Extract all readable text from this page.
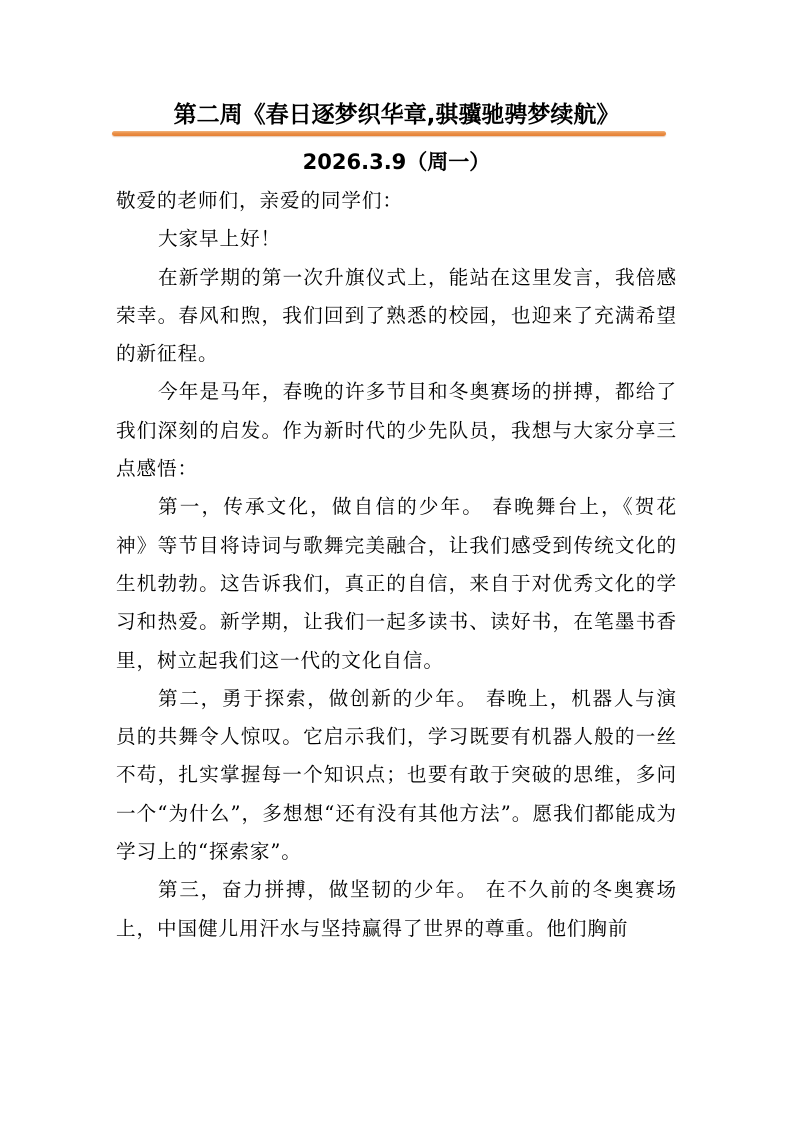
第二周《春日逐梦织华章,骐骥驰骋梦续航》
2026.3.9（周一）

敬爱的老师们，亲爱的同学们：

大家早上好！

在新学期的第一次升旗仪式上，能站在这里发言，我倍感荣幸。春风和煦，我们回到了熟悉的校园，也迎来了充满希望的新征程。

今年是马年，春晚的许多节目和冬奥赛场的拼搏，都给了我们深刻的启发。作为新时代的少先队员，我想与大家分享三点感悟：

第一，传承文化，做自信的少年。 春晚舞台上，《贺花神》等节目将诗词与歌舞完美融合，让我们感受到传统文化的生机勃勃。这告诉我们，真正的自信，来自于对优秀文化的学习和热爱。新学期，让我们一起多读书、读好书，在笔墨书香里，树立起我们这一代的文化自信。

第二，勇于探索，做创新的少年。 春晚上，机器人与演员的共舞令人惊叹。它启示我们，学习既要有机器人般的一丝不苟，扎实掌握每一个知识点；也要有敢于突破的思维，多问一个“为什么”，多想想“还有没有其他方法”。愿我们都能成为学习上的“探索家”。

第三，奋力拼搏，做坚韧的少年。 在不久前的冬奥赛场上，中国健儿用汗水与坚持赢得了世界的尊重。他们胸前
